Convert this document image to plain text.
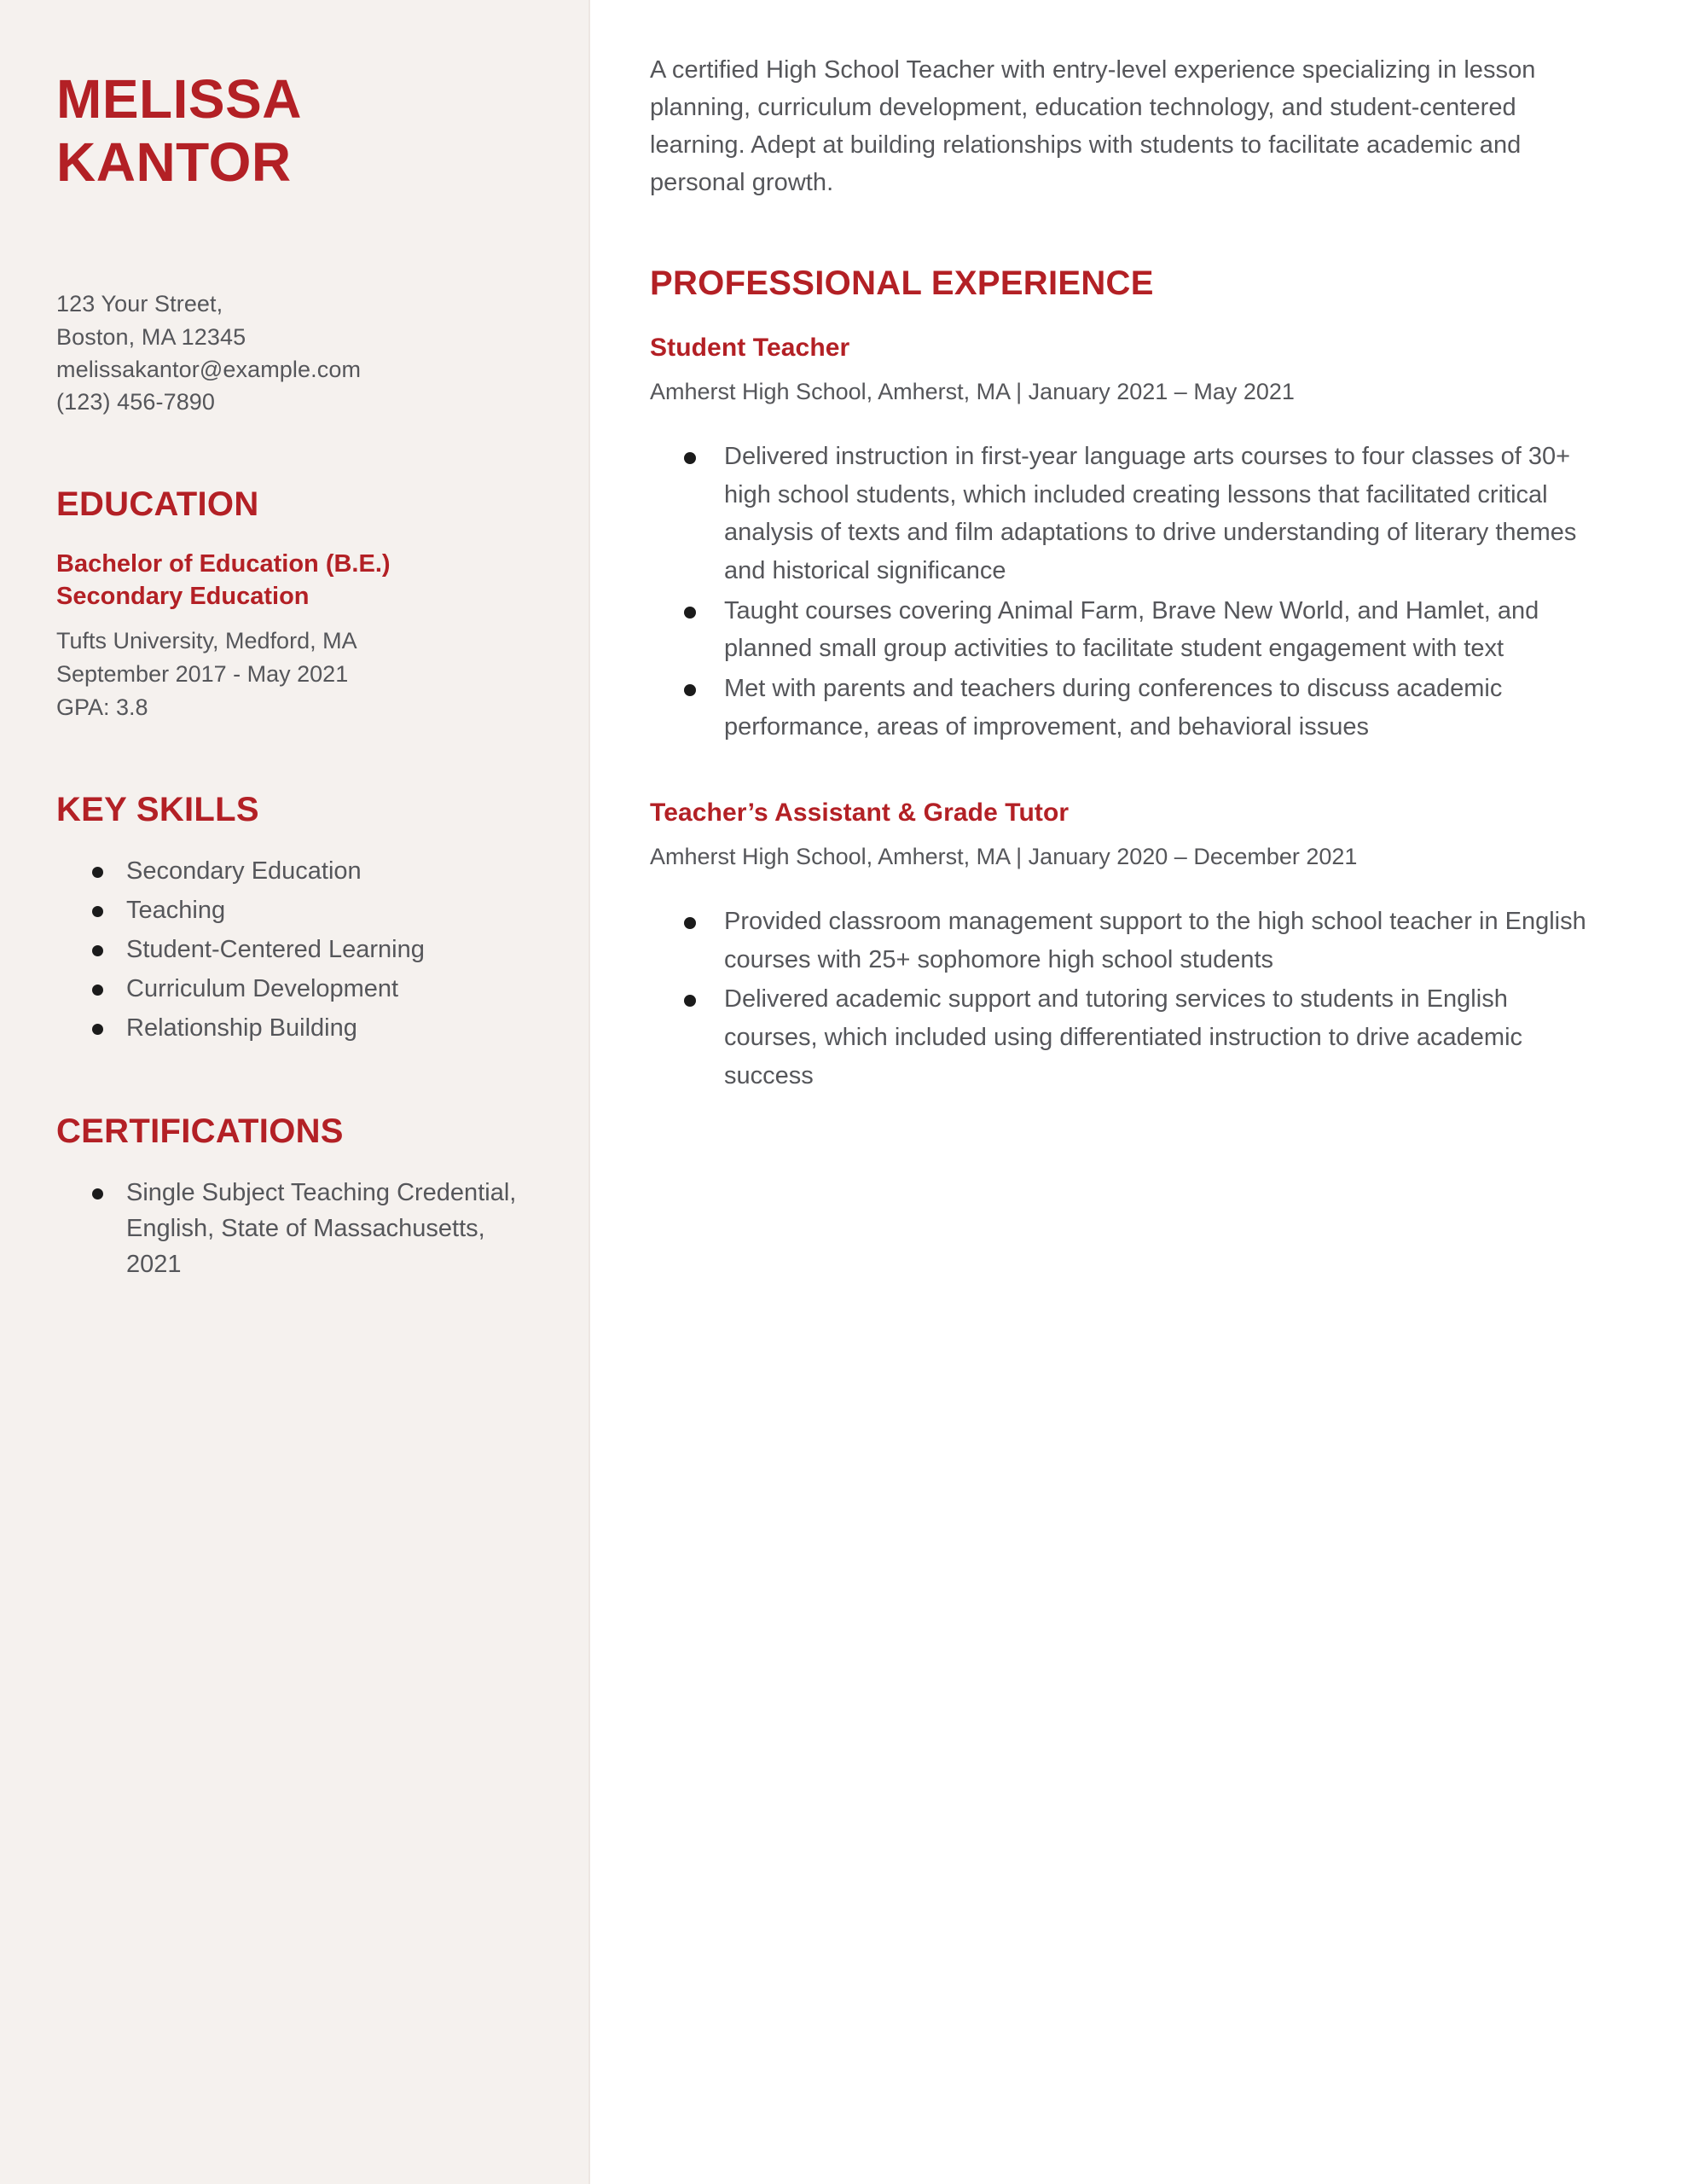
MELISSA
KANTOR
123 Your Street,
Boston, MA 12345
melissakantor@example.com
(123) 456-7890
EDUCATION
Bachelor of Education (B.E.)
Secondary Education
Tufts University, Medford, MA
September 2017 - May 2021
GPA: 3.8
KEY SKILLS
Secondary Education
Teaching
Student-Centered Learning
Curriculum Development
Relationship Building
CERTIFICATIONS
Single Subject Teaching Credential, English, State of Massachusetts, 2021

A certified High School Teacher with entry-level experience specializing in lesson planning, curriculum development, education technology, and student-centered learning. Adept at building relationships with students to facilitate academic and personal growth.

PROFESSIONAL EXPERIENCE
Student Teacher
Amherst High School, Amherst, MA | January 2021 – May 2021
Delivered instruction in first-year language arts courses to four classes of 30+ high school students, which included creating lessons that facilitated critical analysis of texts and film adaptations to drive understanding of literary themes and historical significance
Taught courses covering Animal Farm, Brave New World, and Hamlet, and planned small group activities to facilitate student engagement with text
Met with parents and teachers during conferences to discuss academic performance, areas of improvement, and behavioral issues
Teacher’s Assistant & Grade Tutor
Amherst High School, Amherst, MA | January 2020 – December 2021
Provided classroom management support to the high school teacher in English courses with 25+ sophomore high school students
Delivered academic support and tutoring services to students in English courses, which included using differentiated instruction to drive academic success
